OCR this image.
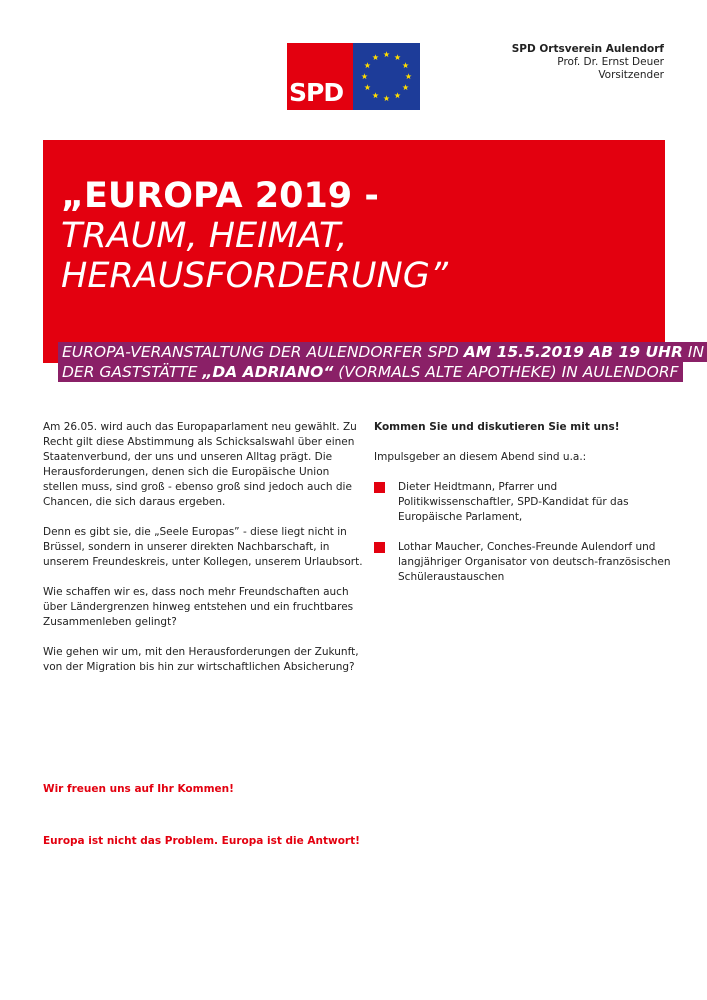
SPD
SPD Ortsverein Aulendorf
Prof. Dr. Ernst Deuer
Vorsitzender
„EUROPA 2019 -
TRAUM, HEIMAT,
HERAUSFORDERUNG”
EUROPA-VERANSTALTUNG DER AULENDORFER SPD AM 15.5.2019 AB 19 UHR IN
DER GASTSTÄTTE „DA ADRIANO“ (VORMALS ALTE APOTHEKE) IN AULENDORF

Am 26.05. wird auch das Europaparlament neu gewählt. Zu Recht gilt diese Abstimmung als Schicksalswahl über einen Staatenverbund, der uns und unseren Alltag prägt. Die Herausforderungen, denen sich die Europäische Union stellen muss, sind groß - ebenso groß sind jedoch auch die Chancen, die sich daraus ergeben.

Denn es gibt sie, die „Seele Europas” - diese liegt nicht in Brüssel, sondern in unserer direkten Nachbarschaft, in unserem Freundeskreis, unter Kollegen, unserem Urlaubsort.

Wie schaffen wir es, dass noch mehr Freundschaften auch über Ländergrenzen hinweg entstehen und ein fruchtbares Zusammenleben gelingt?

Wie gehen wir um, mit den Herausforderungen der Zukunft, von der Migration bis hin zur wirtschaftlichen Absicherung?

Kommen Sie und diskutieren Sie mit uns!
Impulsgeber an diesem Abend sind u.a.:
Dieter Heidtmann, Pfarrer und Politikwissenschaftler, SPD-Kandidat für das Europäische Parlament,
Lothar Maucher, Conches-Freunde Aulendorf und langjähriger Organisator von deutsch-französischen Schüleraustauschen
Wir freuen uns auf Ihr Kommen!
Europa ist nicht das Problem. Europa ist die Antwort!
